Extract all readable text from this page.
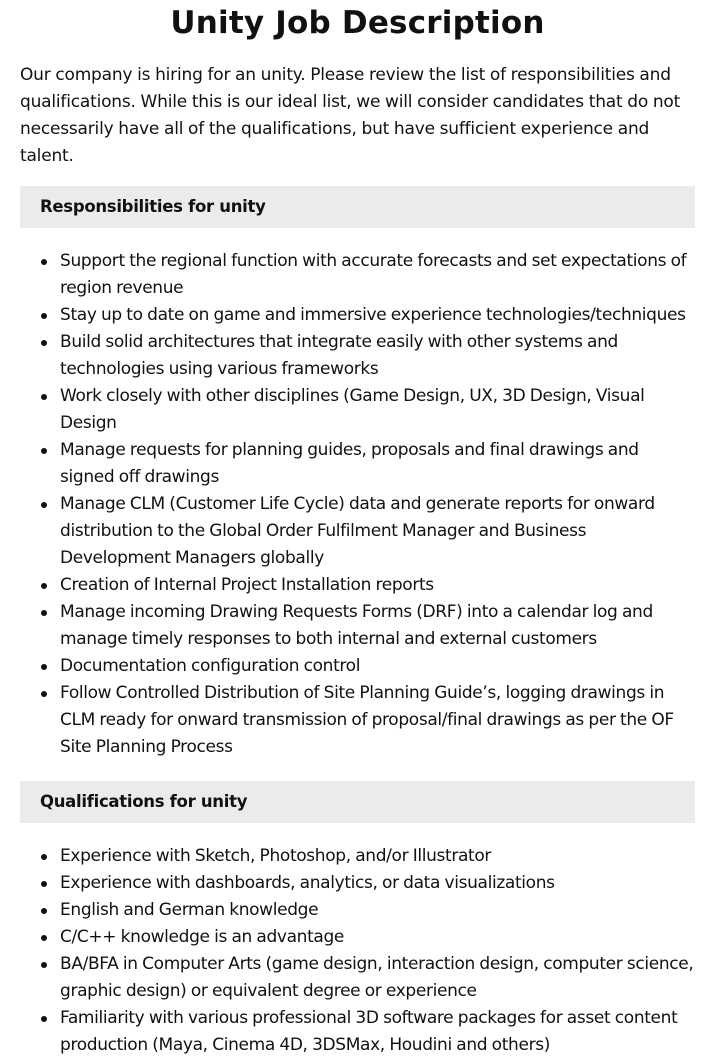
Unity Job Description

Our company is hiring for an unity. Please review the list of responsibilities and qualifications. While this is our ideal list, we will consider candidates that do not necessarily have all of the qualifications, but have sufficient experience and talent.

Responsibilities for unity
Support the regional function with accurate forecasts and set expectations of region revenue
Stay up to date on game and immersive experience technologies/techniques
Build solid architectures that integrate easily with other systems and technologies using various frameworks
Work closely with other disciplines (Game Design, UX, 3D Design, Visual Design
Manage requests for planning guides, proposals and final drawings and signed off drawings
Manage CLM (Customer Life Cycle) data and generate reports for onward distribution to the Global Order Fulfilment Manager and Business Development Managers globally
Creation of Internal Project Installation reports
Manage incoming Drawing Requests Forms (DRF) into a calendar log and manage timely responses to both internal and external customers
Documentation configuration control
Follow Controlled Distribution of Site Planning Guide’s, logging drawings in CLM ready for onward transmission of proposal/final drawings as per the OF Site Planning Process
Qualifications for unity
Experience with Sketch, Photoshop, and/or Illustrator
Experience with dashboards, analytics, or data visualizations
English and German knowledge
C/C++ knowledge is an advantage
BA/BFA in Computer Arts (game design, interaction design, computer science, graphic design) or equivalent degree or experience
Familiarity with various professional 3D software packages for asset content production (Maya, Cinema 4D, 3DSMax, Houdini and others)
